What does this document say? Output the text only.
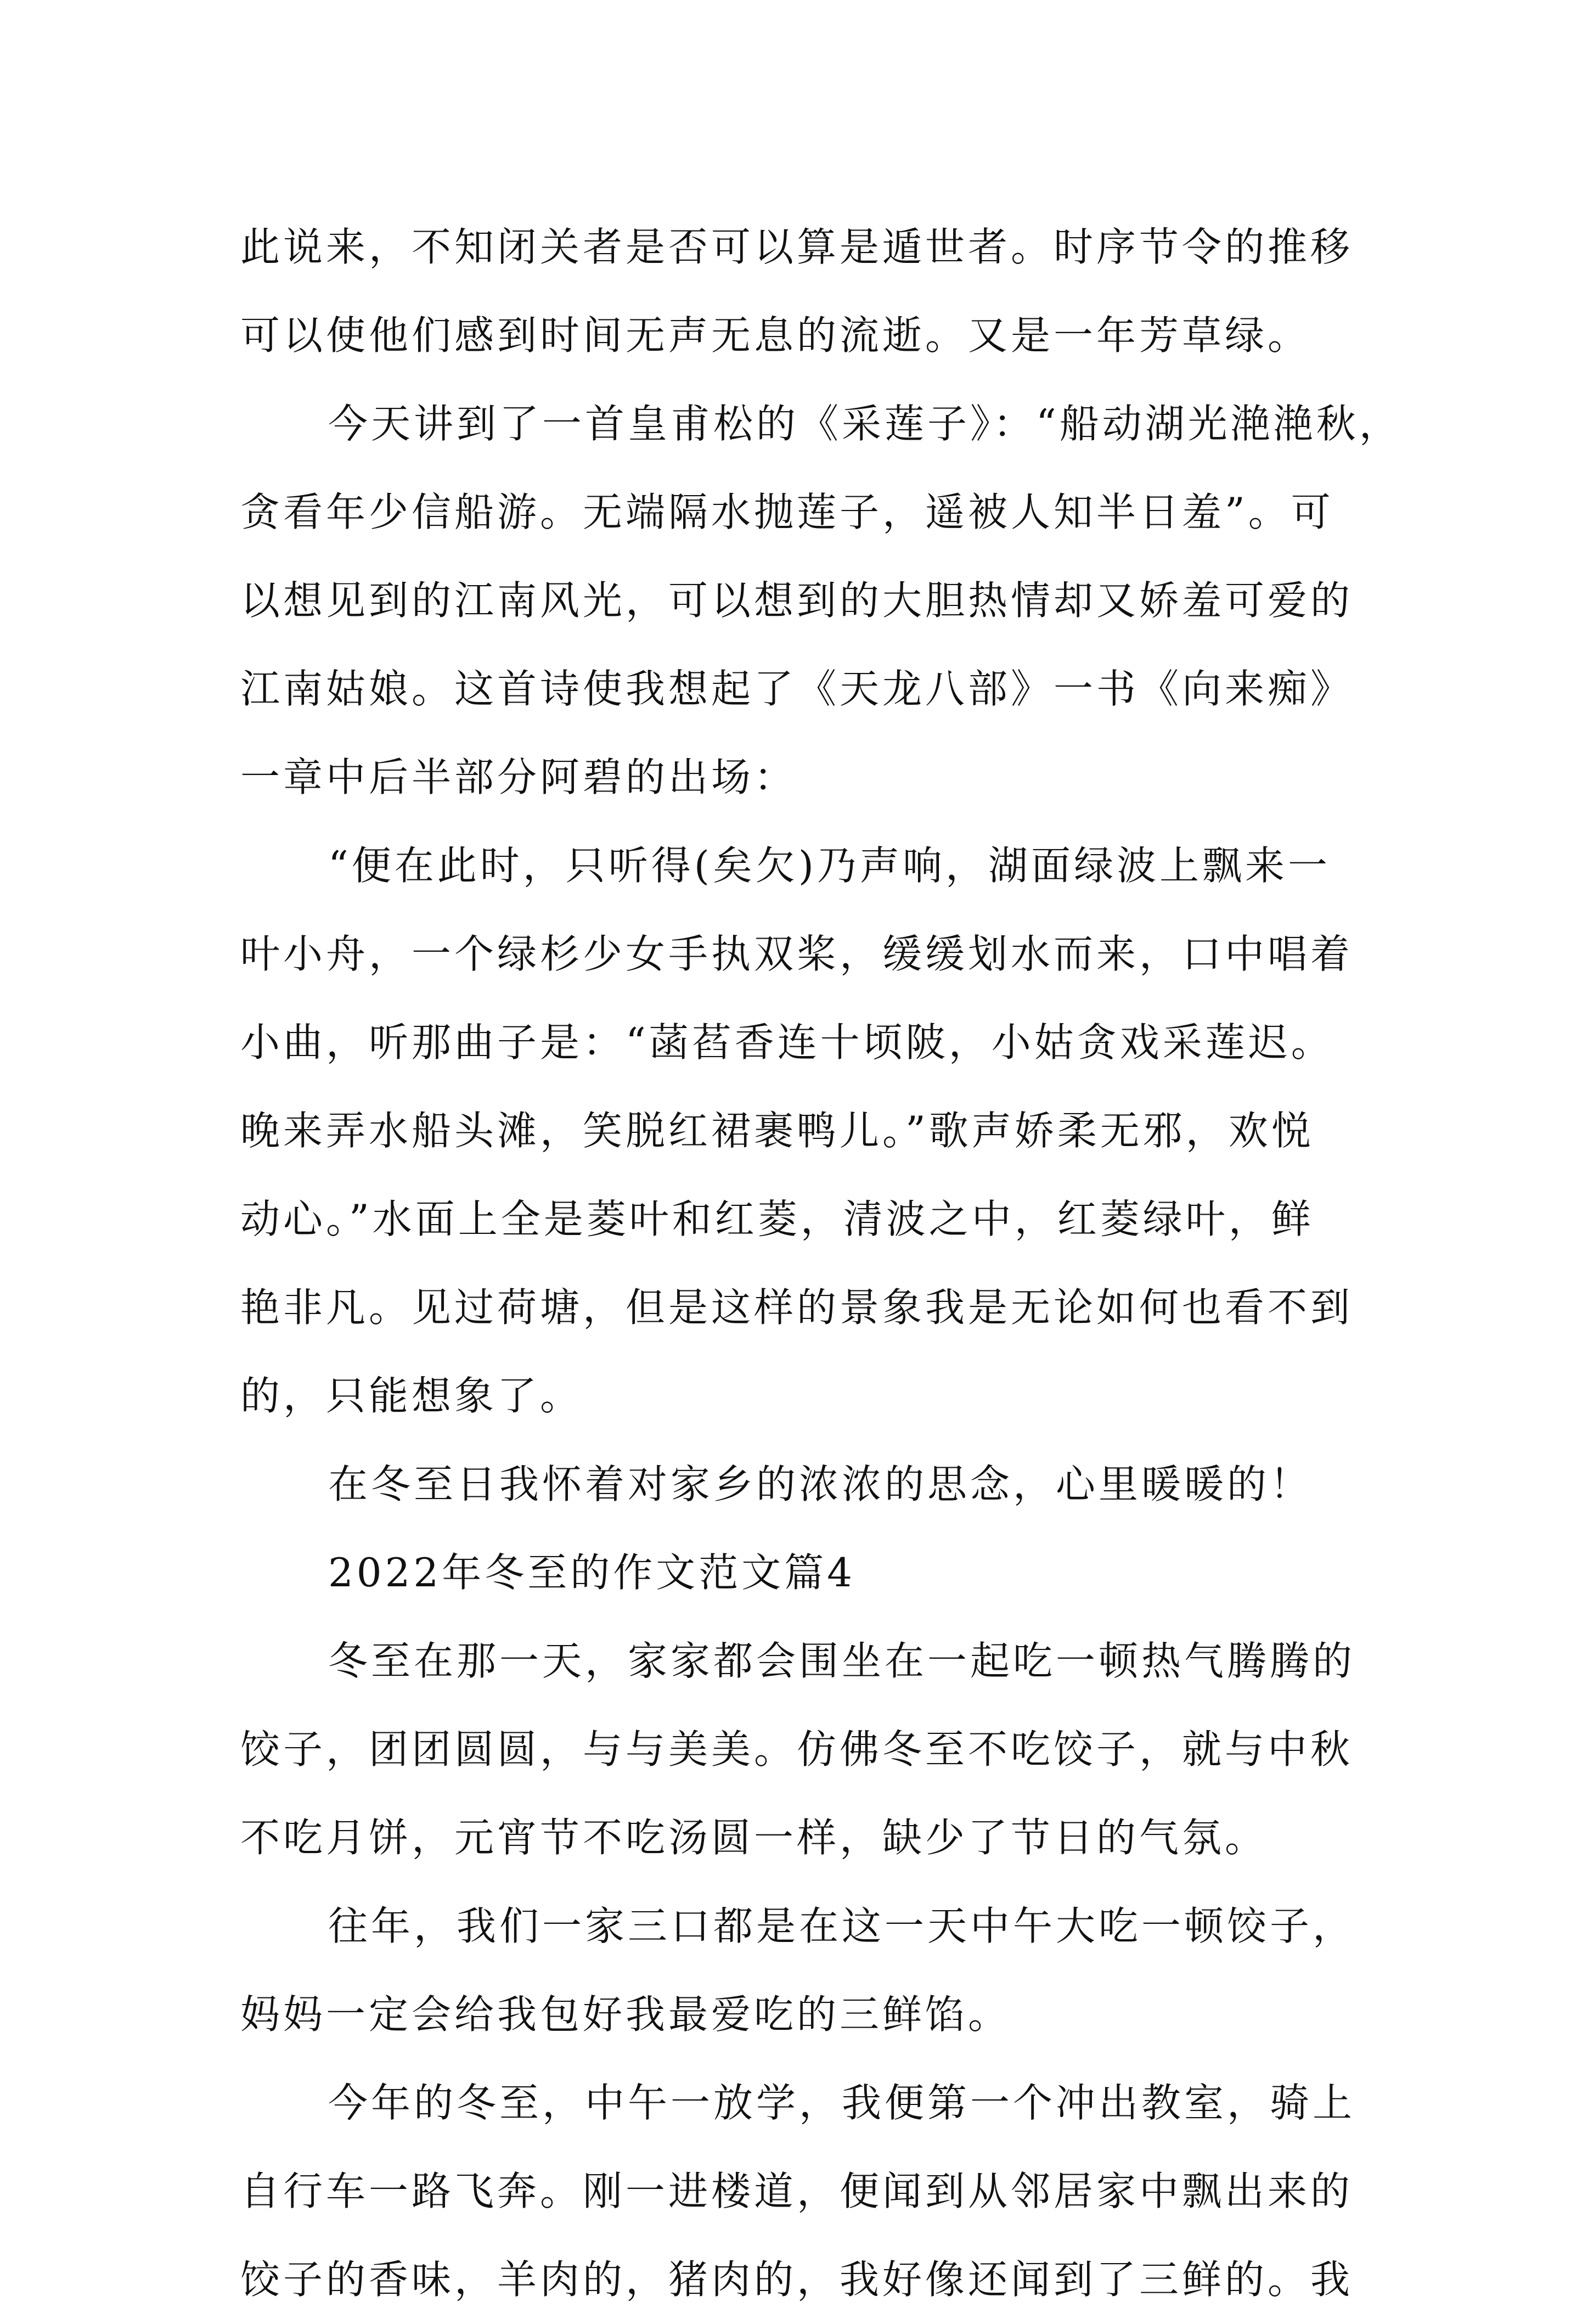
此说来，不知闭关者是否可以算是遁世者。时序节令的推移
可以使他们感到时间无声无息的流逝。又是一年芳草绿。
今天讲到了一首皇甫松的《采莲子》：“船动湖光滟滟秋，
贪看年少信船游。无端隔水抛莲子，遥被人知半日羞”。可
以想见到的江南风光，可以想到的大胆热情却又娇羞可爱的
江南姑娘。这首诗使我想起了《天龙八部》一书《向来痴》
一章中后半部分阿碧的出场：
“便在此时，只听得(矣欠)乃声响，湖面绿波上飘来一
叶小舟，一个绿杉少女手执双桨，缓缓划水而来，口中唱着
小曲，听那曲子是：“菡萏香连十顷陂，小姑贪戏采莲迟。
晚来弄水船头滩，笑脱红裙裹鸭儿。”歌声娇柔无邪，欢悦
动心。”水面上全是菱叶和红菱，清波之中，红菱绿叶，鲜
艳非凡。见过荷塘，但是这样的景象我是无论如何也看不到
的，只能想象了。
在冬至日我怀着对家乡的浓浓的思念，心里暖暖的！
2022年冬至的作文范文篇4
冬至在那一天，家家都会围坐在一起吃一顿热气腾腾的
饺子，团团圆圆，与与美美。仿佛冬至不吃饺子，就与中秋
不吃月饼，元宵节不吃汤圆一样，缺少了节日的气氛。
往年，我们一家三口都是在这一天中午大吃一顿饺子，
妈妈一定会给我包好我最爱吃的三鲜馅。
今年的冬至，中午一放学，我便第一个冲出教室，骑上
自行车一路飞奔。刚一进楼道，便闻到从邻居家中飘出来的
饺子的香味，羊肉的，猪肉的，我好像还闻到了三鲜的。我
